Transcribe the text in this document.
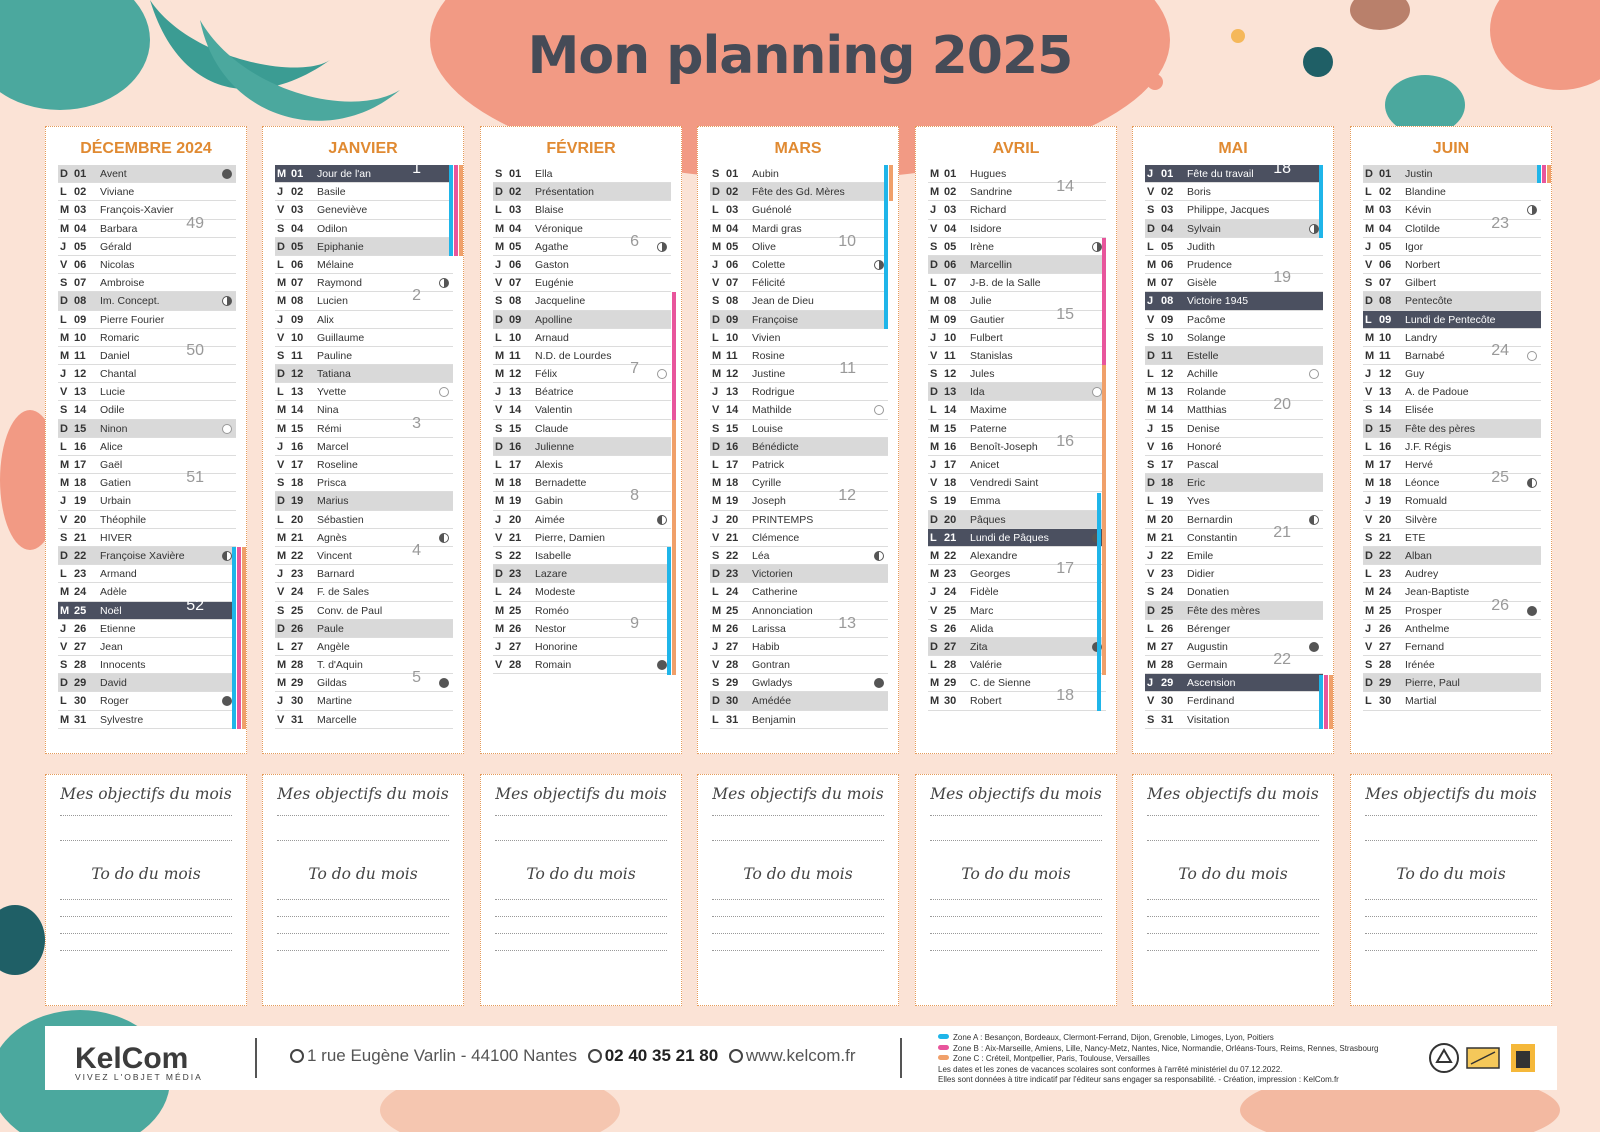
Mon planning 2025
DÉCEMBRE 2024
D 01 Avent
L 02 Viviane
M 03 François-Xavier
M 04 Barbara	49
J 05 Gérald
V 06 Nicolas
S 07 Ambroise
D 08 Im. Concept.
L 09 Pierre Fourier
M 10 Romaric
M 11 Daniel	50
J 12 Chantal
V 13 Lucie
S 14 Odile
D 15 Ninon
L 16 Alice
M 17 Gaël
M 18 Gatien	51
J 19 Urbain
V 20 Théophile
S 21 HIVER
D 22 Françoise Xavière
L 23 Armand
M 24 Adèle
M 25 Noël	52
J 26 Etienne
V 27 Jean
S 28 Innocents
D 29 David
L 30 Roger
M 31 Sylvestre
Mes objectifs du mois
To do du mois
JANVIER
M 01 Jour de l'an	1
J 02 Basile
V 03 Geneviève
S 04 Odilon
D 05 Epiphanie
L 06 Mélaine
M 07 Raymond
M 08 Lucien	2
J 09 Alix
V 10 Guillaume
S 11 Pauline
D 12 Tatiana
L 13 Yvette
M 14 Nina
M 15 Rémi	3
J 16 Marcel
V 17 Roseline
S 18 Prisca
D 19 Marius
L 20 Sébastien
M 21 Agnès
M 22 Vincent	4
J 23 Barnard
V 24 F. de Sales
S 25 Conv. de Paul
D 26 Paule
L 27 Angèle
M 28 T. d'Aquin
M 29 Gildas	5
J 30 Martine
V 31 Marcelle
Mes objectifs du mois
To do du mois
FÉVRIER
S 01 Ella
D 02 Présentation
L 03 Blaise
M 04 Véronique
M 05 Agathe	6
J 06 Gaston
V 07 Eugénie
S 08 Jacqueline
D 09 Apolline
L 10 Arnaud
M 11 N.D. de Lourdes
M 12 Félix	7
J 13 Béatrice
V 14 Valentin
S 15 Claude
D 16 Julienne
L 17 Alexis
M 18 Bernadette
M 19 Gabin	8
J 20 Aimée
V 21 Pierre, Damien
S 22 Isabelle
D 23 Lazare
L 24 Modeste
M 25 Roméo
M 26 Nestor	9
J 27 Honorine
V 28 Romain
Mes objectifs du mois
To do du mois
MARS
S 01 Aubin
D 02 Fête des Gd. Mères
L 03 Guénolé
M 04 Mardi gras
M 05 Olive	10
J 06 Colette
V 07 Félicité
S 08 Jean de Dieu
D 09 Françoise
L 10 Vivien
M 11 Rosine
M 12 Justine	11
J 13 Rodrigue
V 14 Mathilde
S 15 Louise
D 16 Bénédicte
L 17 Patrick
M 18 Cyrille
M 19 Joseph	12
J 20 PRINTEMPS
V 21 Clémence
S 22 Léa
D 23 Victorien
L 24 Catherine
M 25 Annonciation
M 26 Larissa	13
J 27 Habib
V 28 Gontran
S 29 Gwladys
D 30 Amédée
L 31 Benjamin
Mes objectifs du mois
To do du mois
AVRIL
M 01 Hugues
M 02 Sandrine	14
J 03 Richard
V 04 Isidore
S 05 Irène
D 06 Marcellin
L 07 J-B. de la Salle
M 08 Julie
M 09 Gautier	15
J 10 Fulbert
V 11 Stanislas
S 12 Jules
D 13 Ida
L 14 Maxime
M 15 Paterne
M 16 Benoît-Joseph 16
J 17 Anicet
V 18 Vendredi Saint
S 19 Emma
D 20 Pâques
L 21 Lundi de Pâques
M 22 Alexandre
M 23 Georges	17
J 24 Fidèle
V 25 Marc
S 26 Alida
D 27 Zita
L 28 Valérie
M 29 C. de Sienne
M 30 Robert	18
Mes objectifs du mois
To do du mois
MAI
J 01 Fête du travail 18
V 02 Boris
S 03 Philippe, Jacques
D 04 Sylvain
L 05 Judith
M 06 Prudence
M 07 Gisèle	19
J 08 Victoire 1945
V 09 Pacôme
S 10 Solange
D 11 Estelle
L 12 Achille
M 13 Rolande
M 14 Matthias	20
J 15 Denise
V 16 Honoré
S 17 Pascal
D 18 Eric
L 19 Yves
M 20 Bernardin
M 21 Constantin 21
J 22 Emile
V 23 Didier
S 24 Donatien
D 25 Fête des mères
L 26 Bérenger
M 27 Augustin
M 28 Germain	22
J 29 Ascension
V 30 Ferdinand
S 31 Visitation
Mes objectifs du mois
To do du mois
JUIN
D 01 Justin
L 02 Blandine
M 03 Kévin
M 04 Clotilde	23
J 05 Igor
V 06 Norbert
S 07 Gilbert
D 08 Pentecôte
L 09 Lundi de Pentecôte
M 10 Landry
M 11 Barnabé	24
J 12 Guy
V 13 A. de Padoue
S 14 Elisée
D 15 Fête des pères
L 16 J.F. Régis
M 17 Hervé
M 18 Léonce	25
J 19 Romuald
V 20 Silvère
S 21 ETE
D 22 Alban
L 23 Audrey
M 24 Jean-Baptiste
M 25 Prosper	26
J 26 Anthelme
V 27 Fernand
S 28 Irénée
D 29 Pierre, Paul
L 30 Martial
Mes objectifs du mois
To do du mois
KelCom
VIVEZ L'OBJET MÉDIA
1 rue Eugène Varlin - 44100 Nantes 02 40 35 21 80 www.kelcom.fr
Zone A : Besançon, Bordeaux, Clermont-Ferrand, Dijon, Grenoble, Limoges, Lyon, Poitiers
Zone B : Aix-Marseille, Amiens, Lille, Nancy-Metz, Nantes, Nice, Normandie, Orléans-Tours, Reims, Rennes, Strasbourg
Zone C : Créteil, Montpellier, Paris, Toulouse, Versailles
Les dates et les zones de vacances scolaires sont conformes à l'arrêté ministériel du 07.12.2022.
Elles sont données à titre indicatif par l'éditeur sans engager sa responsabilité. - Création, impression : KelCom.fr
